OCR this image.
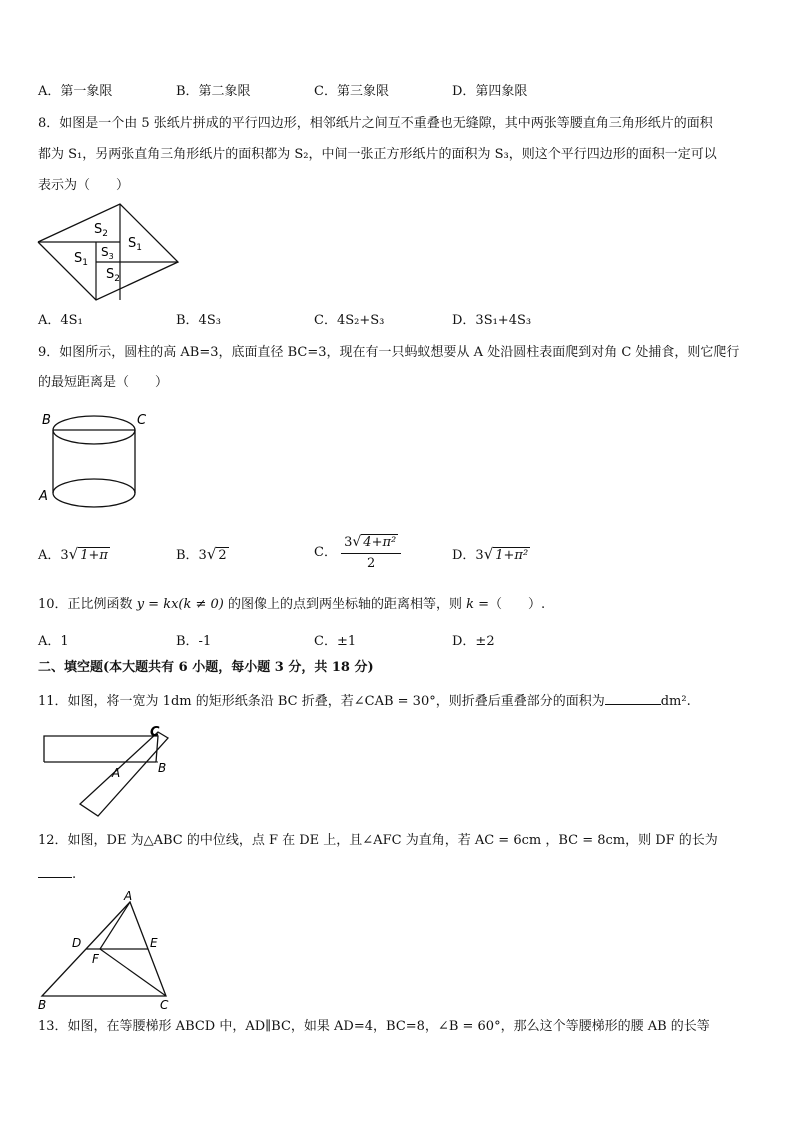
A．第一象限	B．第二象限	C．第三象限	D．第四象限
8．如图是一个由 5 张纸片拼成的平行四边形，相邻纸片之间互不重叠也无缝隙，其中两张等腰直角三角形纸片的面积
都为 S₁，另两张直角三角形纸片的面积都为 S₂，中间一张正方形纸片的面积为 S₃，则这个平行四边形的面积一定可以
表示为（　　）
$S_2$
$S_1$
$S_1$
$S_3$
$S_2$
A．4S₁	B．4S₃	C．4S₂+S₃	D．3S₁+4S₃
9．如图所示，圆柱的高 AB=3，底面直径 BC=3，现在有一只蚂蚁想要从 A 处沿圆柱表面爬到对角 C 处捕食，则它爬行
的最短距离是（　　）
B	C
A
A．3√ 1+π	B．3√ 2	C． $\frac{\text{3√ 4+π²}}{2}$	D．3√ 1+π²
10．正比例函数 y = kx(k ≠ 0) 的图像上的点到两坐标轴的距离相等，则 k =（　　）.
A．1	B．-1	C．±1	D．±2
二、填空题(本大题共有 6 小题，每小题 3 分，共 18 分)
11．如图，将一宽为 1dm 的矩形纸条沿 BC 折叠，若∠CAB = 30°，则折叠后重叠部分的面积为	dm².
C
A	B
12．如图，DE 为△ABC 的中位线，点 F 在 DE 上，且∠AFC 为直角，若 AC = 6cm ，BC = 8cm，则 DF 的长为
.
A
D	E
F
B	C
13．如图，在等腰梯形 ABCD 中，AD∥BC，如果 AD=4，BC=8，∠B = 60°，那么这个等腰梯形的腰 AB 的长等
